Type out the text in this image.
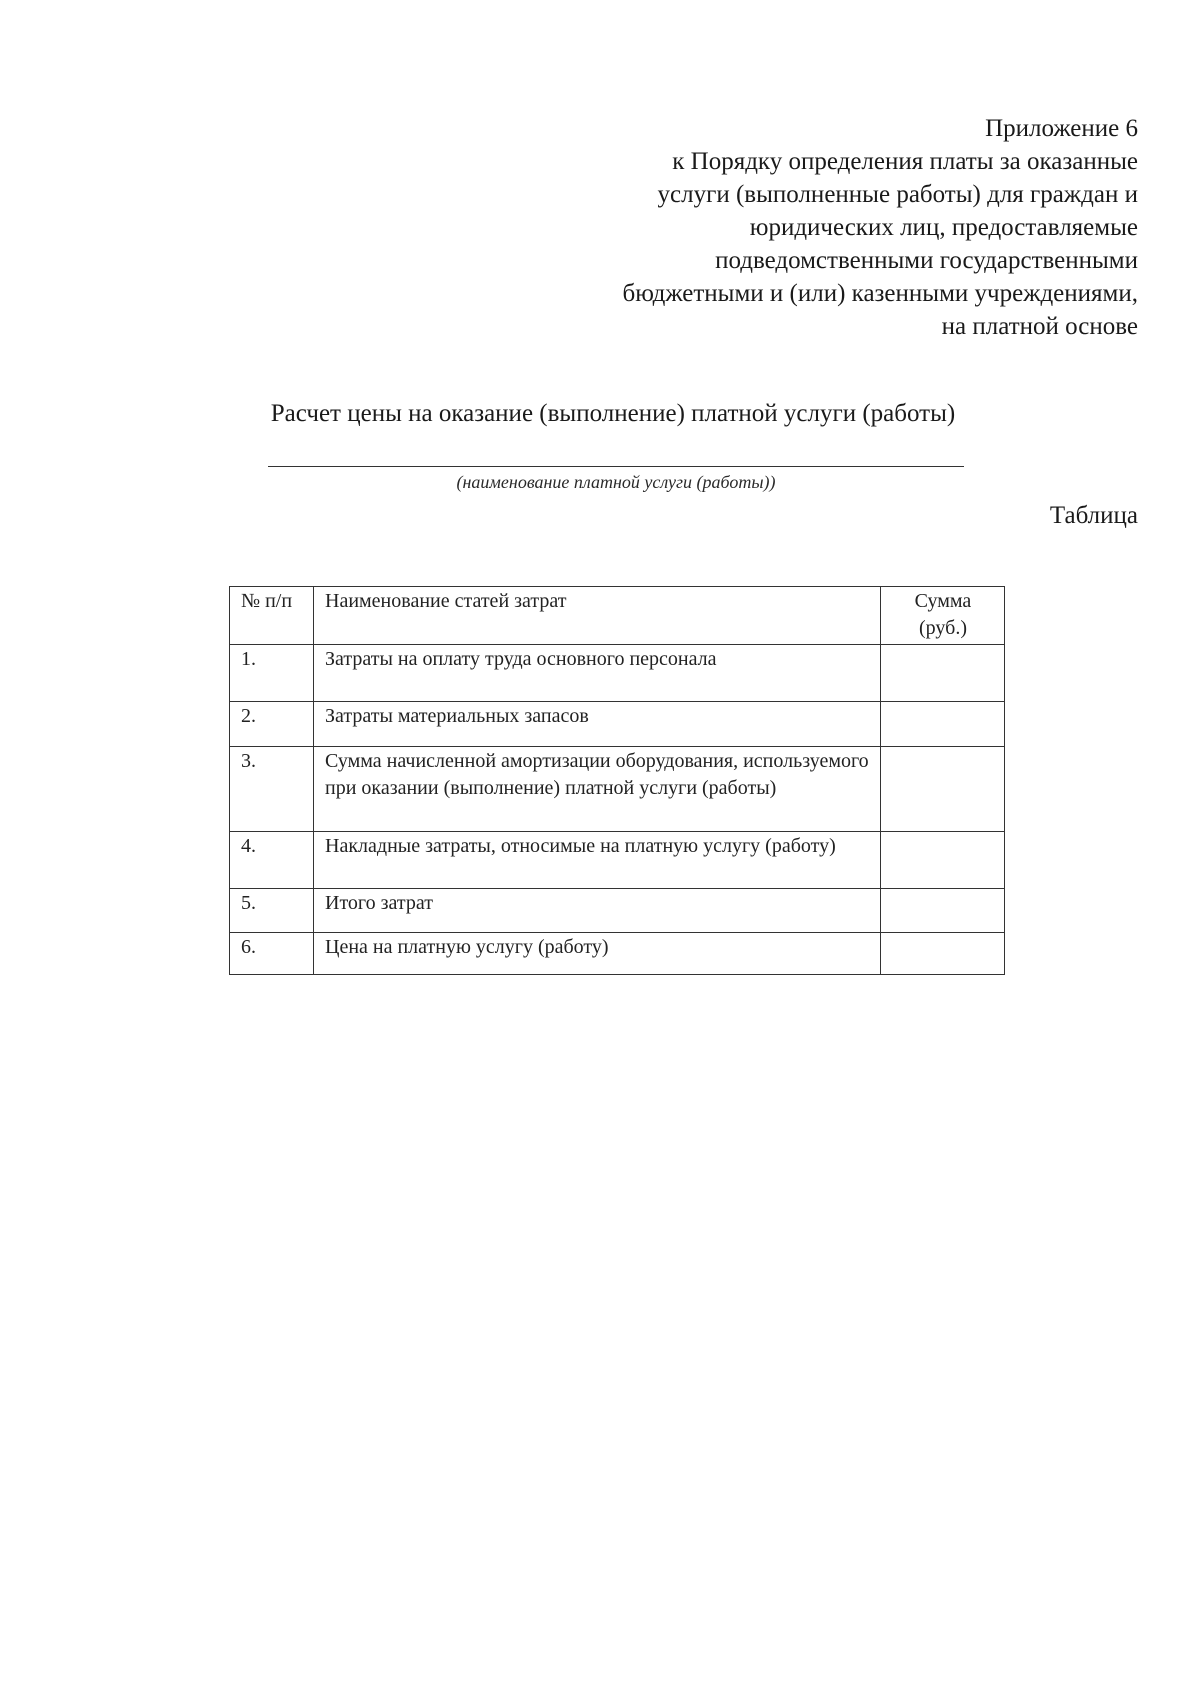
Приложение 6
к Порядку определения платы за оказанные
услуги (выполненные работы) для граждан и
юридических лиц, предоставляемые
подведомственными государственными
бюджетными и (или) казенными учреждениями,
на платной основе
Расчет цены на оказание (выполнение) платной услуги (работы)
(наименование платной услуги (работы))
Таблица
№ п/п	Наименование статей затрат	Сумма (руб.)
1.	Затраты на оплату труда основного персонала	
2.	Затраты материальных запасов	
3.	Сумма начисленной амортизации оборудования, используемого при оказании (выполнение) платной услуги (работы)	
4.	Накладные затраты, относимые на платную услугу (работу)	
5.	Итого затрат	
6.	Цена на платную услугу (работу)	
